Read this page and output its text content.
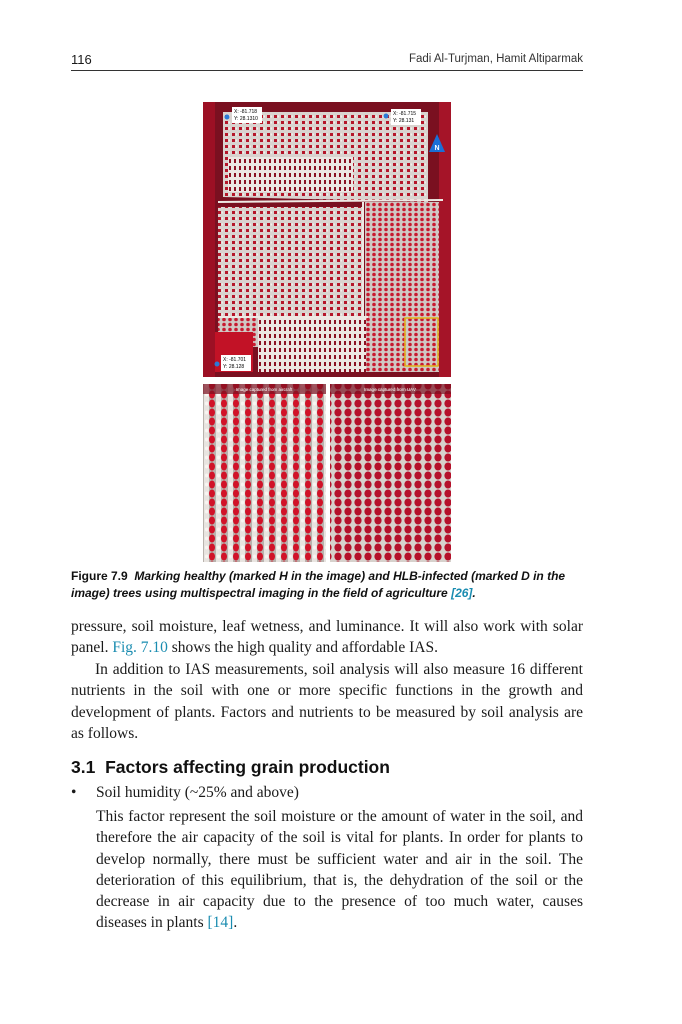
116	Fadi Al-Turjman, Hamit Altiparmak
X: -81.718
Y: 28.1310
X: -81.715
Y: 28.131
N
X: -81.701
Y: 28.128
Image captured from aircraft	Image captured from UAV
Figure 7.9 Marking healthy (marked H in the image) and HLB-infected (marked D in the image) trees using multispectral imaging in the field of agriculture [26].
pressure, soil moisture, leaf wetness, and luminance. It will also work with solar panel. Fig. 7.10 shows the high quality and affordable IAS.
In addition to IAS measurements, soil analysis will also measure 16 different nutrients in the soil with one or more specific functions in the growth and development of plants. Factors and nutrients to be measured by soil analysis are as follows.
3.1 Factors affecting grain production
• Soil humidity (~25% and above)
This factor represent the soil moisture or the amount of water in the soil, and therefore the air capacity of the soil is vital for plants. In order for plants to develop normally, there must be sufficient water and air in the soil. The deterioration of this equilibrium, that is, the dehydration of the soil or the decrease in air capacity due to the presence of too much water, causes diseases in plants [14].
